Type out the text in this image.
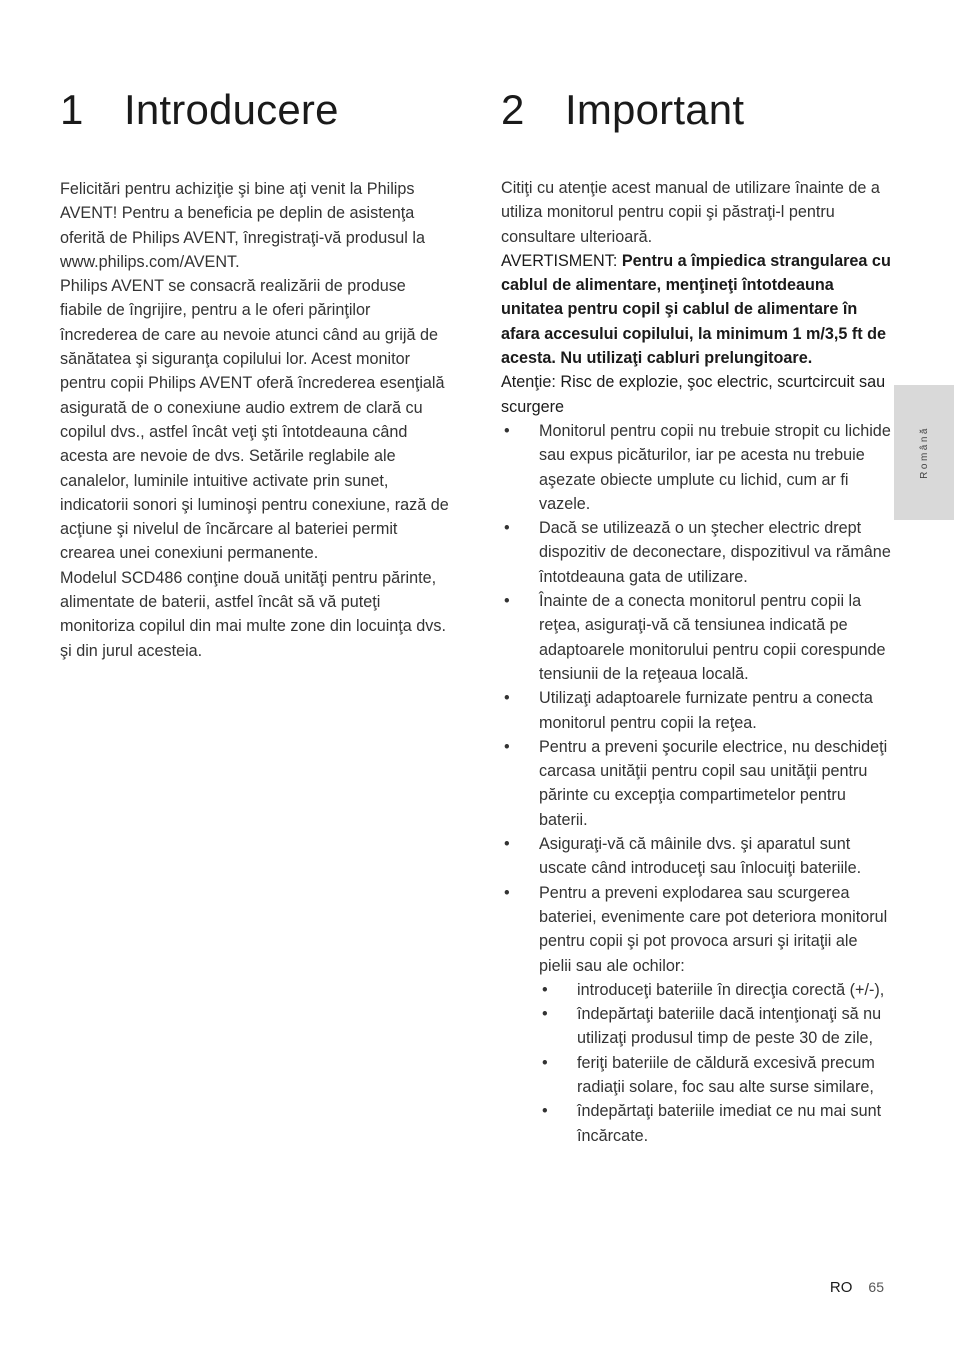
1 Introducere

Felicitări pentru achiziţie şi bine aţi venit la Philips AVENT! Pentru a beneficia pe deplin de asistenţa oferită de Philips AVENT, înregistraţi-vă produsul la www.philips.com/AVENT.

Philips AVENT se consacră realizării de produse fiabile de îngrijire, pentru a le oferi părinţilor încrederea de care au nevoie atunci când au grijă de sănătatea şi siguranţa copilului lor. Acest monitor pentru copii Philips AVENT oferă încrederea esenţială asigurată de o conexiune audio extrem de clară cu copilul dvs., astfel încât veţi şti întotdeauna când acesta are nevoie de dvs. Setările reglabile ale canalelor, luminile intuitive activate prin sunet, indicatorii sonori şi luminoşi pentru conexiune, rază de acţiune şi nivelul de încărcare al bateriei permit crearea unei conexiuni permanente.

Modelul SCD486 conţine două unităţi pentru părinte, alimentate de baterii, astfel încât să vă puteţi monitoriza copilul din mai multe zone din locuinţa dvs. şi din jurul acesteia.

2 Important

Citiţi cu atenţie acest manual de utilizare înainte de a utiliza monitorul pentru copii şi păstraţi-l pentru consultare ulterioară.

AVERTISMENT: Pentru a împiedica strangularea cu cablul de alimentare, menţineţi întotdeauna unitatea pentru copil şi cablul de alimentare în afara accesului copilului, la minimum 1 m/3,5 ft de acesta. Nu utilizaţi cabluri prelungitoare.

Atenţie: Risc de explozie, şoc electric, scurtcircuit sau scurgere

• Monitorul pentru copii nu trebuie stropit cu lichide sau expus picăturilor, iar pe acesta nu trebuie aşezate obiecte umplute cu lichid, cum ar fi vazele.
• Dacă se utilizează o un ştecher electric drept dispozitiv de deconectare, dispozitivul va rămâne întotdeauna gata de utilizare.
• Înainte de a conecta monitorul pentru copii la reţea, asiguraţi-vă că tensiunea indicată pe adaptoarele monitorului pentru copii corespunde tensiunii de la reţeaua locală.
• Utilizaţi adaptoarele furnizate pentru a conecta monitorul pentru copii la reţea.
• Pentru a preveni şocurile electrice, nu deschideţi carcasa unităţii pentru copil sau unităţii pentru părinte cu excepţia compartimetelor pentru baterii.
• Asiguraţi-vă că mâinile dvs. şi aparatul sunt uscate când introduceţi sau înlocuiţi bateriile.
• Pentru a preveni explodarea sau scurgerea bateriei, evenimente care pot deteriora monitorul pentru copii şi pot provoca arsuri şi iritaţii ale pielii sau ale ochilor:
• introduceţi bateriile în direcţia corectă (+/-),
• îndepărtaţi bateriile dacă intenţionaţi să nu utilizaţi produsul timp de peste 30 de zile,
• feriţi bateriile de căldură excesivă precum radiaţii solare, foc sau alte surse similare,
• îndepărtaţi bateriile imediat ce nu mai sunt încărcate.
Română
RO 65
